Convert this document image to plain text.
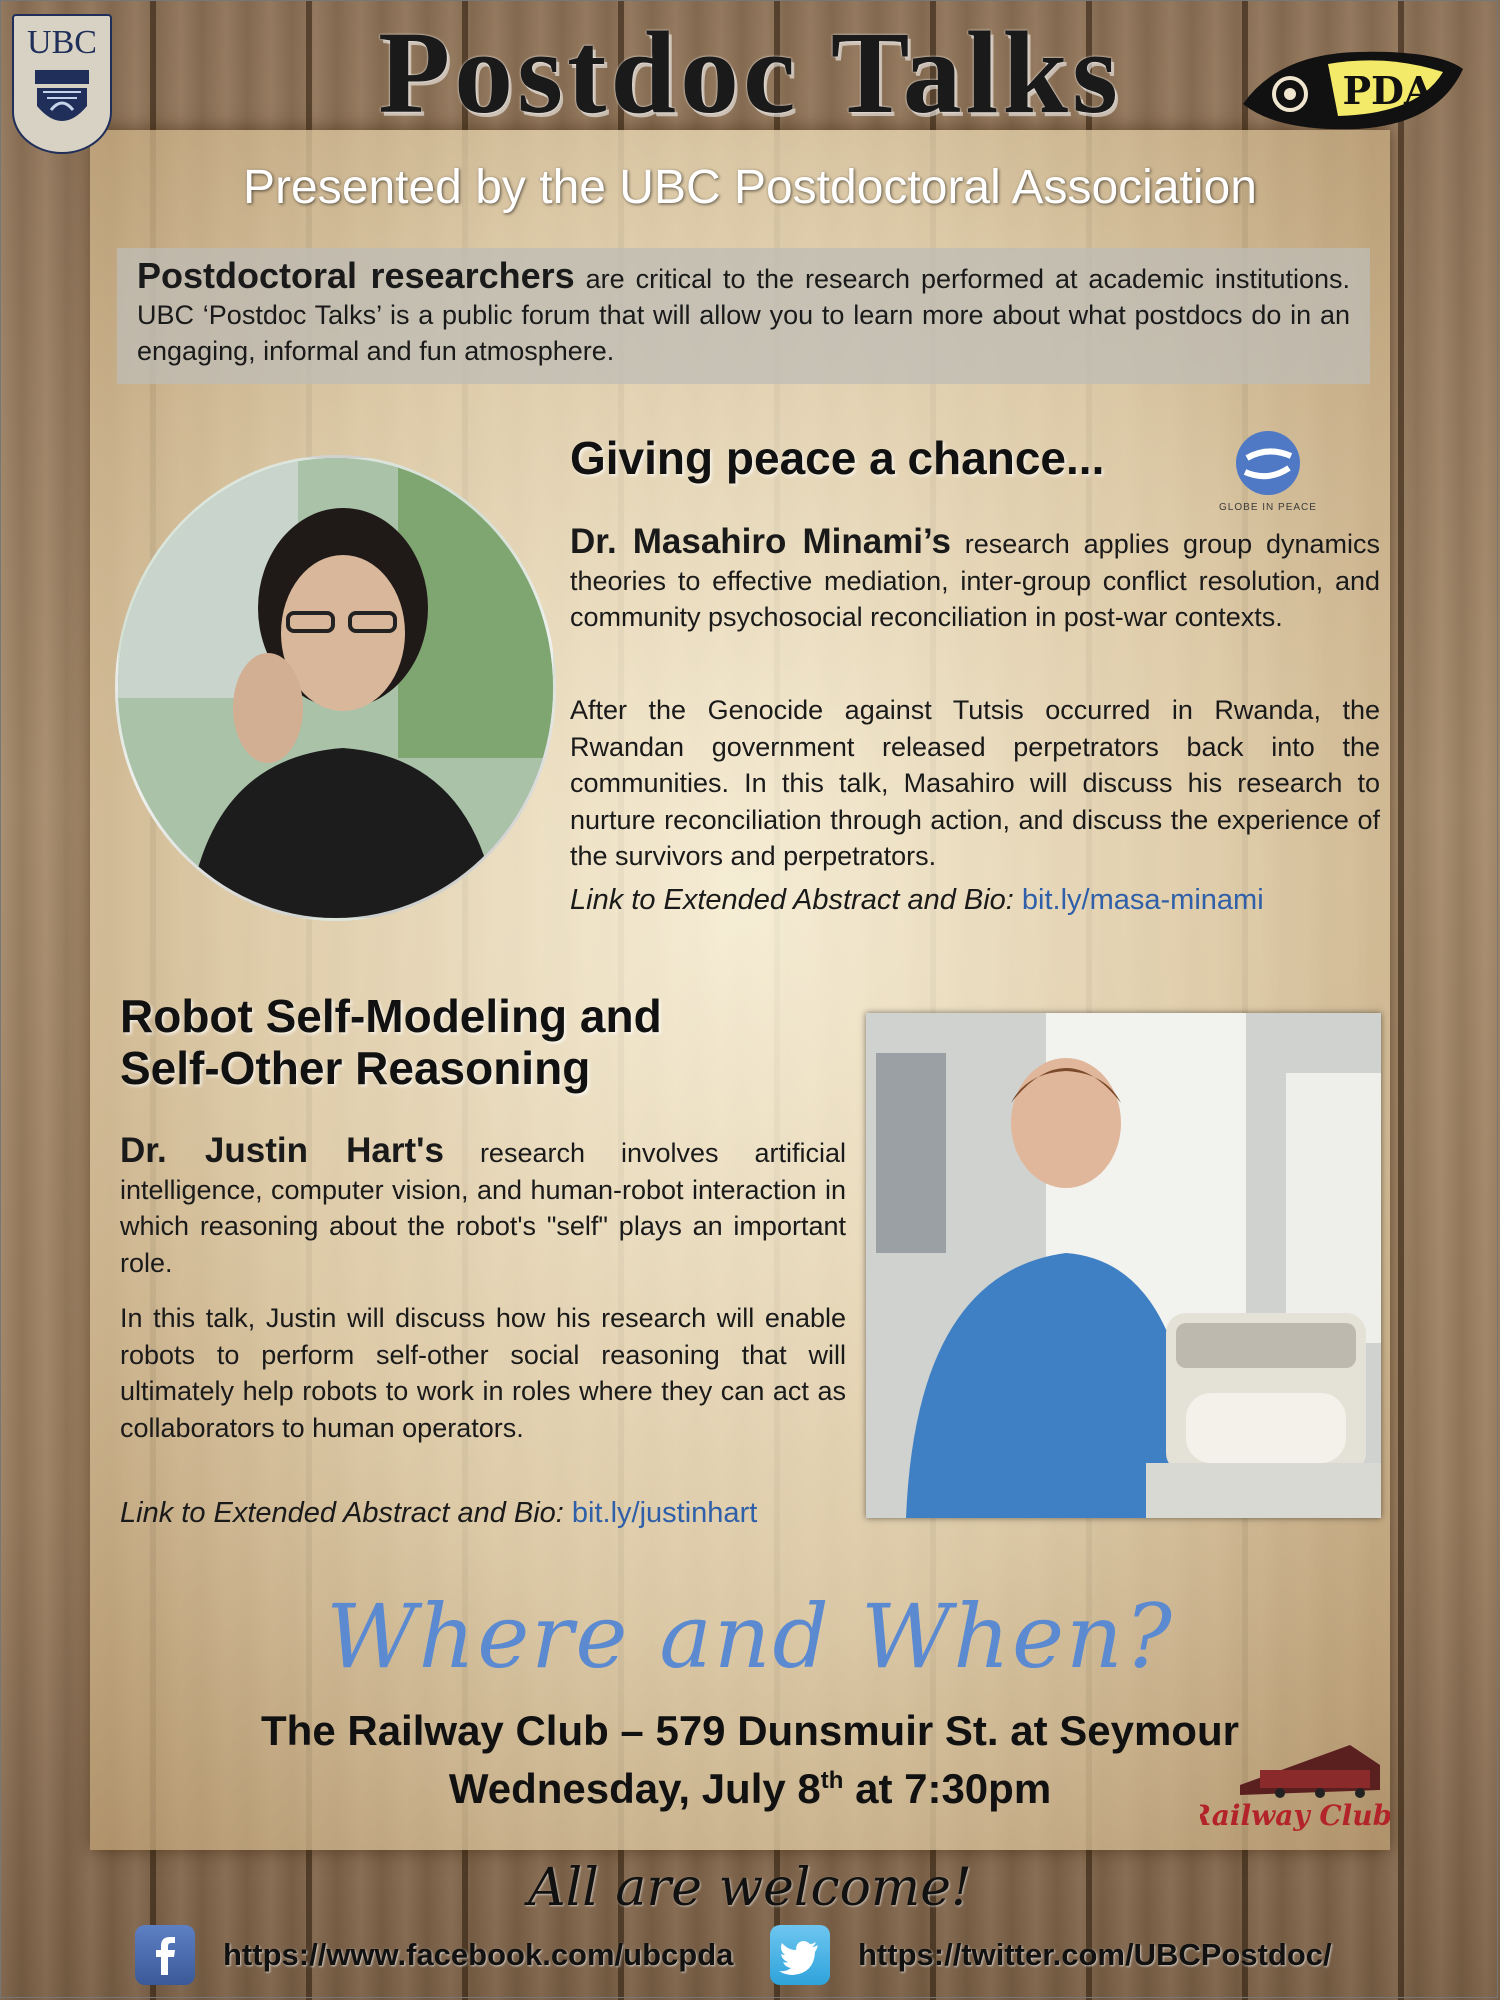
UBC	Postdoc Talks	PDA
Presented by the UBC Postdoctoral Association
Postdoctoral researchers are critical to the research performed at academic institutions. UBC ‘Postdoc Talks’ is a public forum that will allow you to learn more about what postdocs do in an engaging, informal and fun atmosphere.
Giving peace a chance...
GLOBE IN PEACE

Dr. Masahiro Minami’s research applies group dynamics theories to effective mediation, inter-group conflict resolution, and community psychosocial reconciliation in post-war contexts.

After the Genocide against Tutsis occurred in Rwanda, the Rwandan government released perpetrators back into the communities. In this talk, Masahiro will discuss his research to nurture reconciliation through action, and discuss the experience of the survivors and perpetrators.

Link to Extended Abstract and Bio: bit.ly/masa-minami
Robot Self-Modeling and
Self-Other Reasoning

Dr. Justin Hart's research involves artificial intelligence, computer vision, and human-robot interaction in which reasoning about the robot's "self" plays an important role.

In this talk, Justin will discuss how his research will enable robots to perform self-other social reasoning that will ultimately help robots to work in roles where they can act as collaborators to human operators.

Link to Extended Abstract and Bio: bit.ly/justinhart
Where and When?
The Railway Club – 579 Dunsmuir St. at Seymour
Wednesday, July 8th at 7:30pm
Railway Club
All are welcome!
https://www.facebook.com/ubcpda	https://twitter.com/UBCPostdoc/
